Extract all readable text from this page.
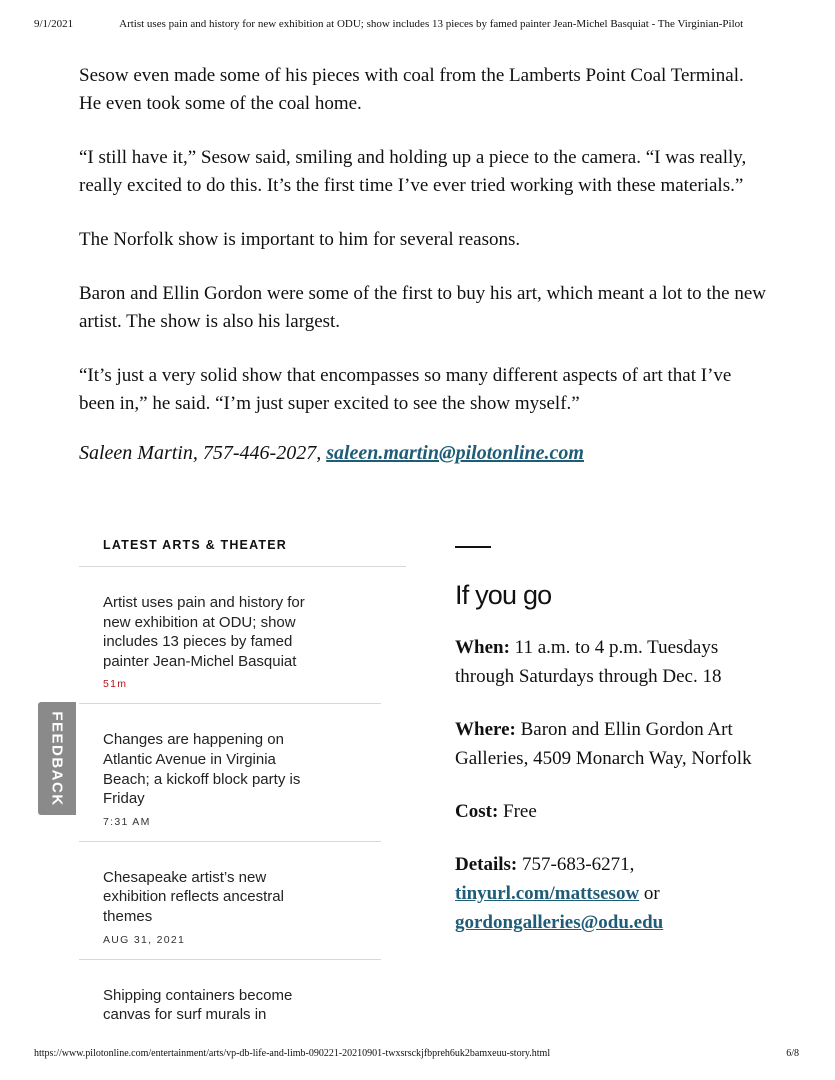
9/1/2021	Artist uses pain and history for new exhibition at ODU; show includes 13 pieces by famed painter Jean-Michel Basquiat - The Virginian-Pilot

Sesow even made some of his pieces with coal from the Lamberts Point Coal Terminal. He even took some of the coal home.

“I still have it,” Sesow said, smiling and holding up a piece to the camera. “I was really, really excited to do this. It’s the first time I’ve ever tried working with these materials.”

The Norfolk show is important to him for several reasons.

Baron and Ellin Gordon were some of the first to buy his art, which meant a lot to the new artist. The show is also his largest.

“It’s just a very solid show that encompasses so many different aspects of art that I’ve been in,” he said. “I’m just super excited to see the show myself.”

Saleen Martin, 757-446-2027, saleen.martin@pilotonline.com
LATEST ARTS & THEATER
Artist uses pain and history for new exhibition at ODU; show includes 13 pieces by famed painter Jean-Michel Basquiat
51m
Changes are happening on Atlantic Avenue in Virginia Beach; a kickoff block party is Friday
7:31 AM
Chesapeake artist’s new exhibition reflects ancestral themes
AUG 31, 2021
Shipping containers become canvas for surf murals in
FEEDBACK
If you go

When: 11 a.m. to 4 p.m. Tuesdays through Saturdays through Dec. 18

Where: Baron and Ellin Gordon Art Galleries, 4509 Monarch Way, Norfolk

Cost: Free

Details: 757-683-6271, tinyurl.com/mattsesow or gordongalleries@odu.edu

https://www.pilotonline.com/entertainment/arts/vp-db-life-and-limb-090221-20210901-twxsrsckjfbpreh6uk2bamxeuu-story.html	6/8
